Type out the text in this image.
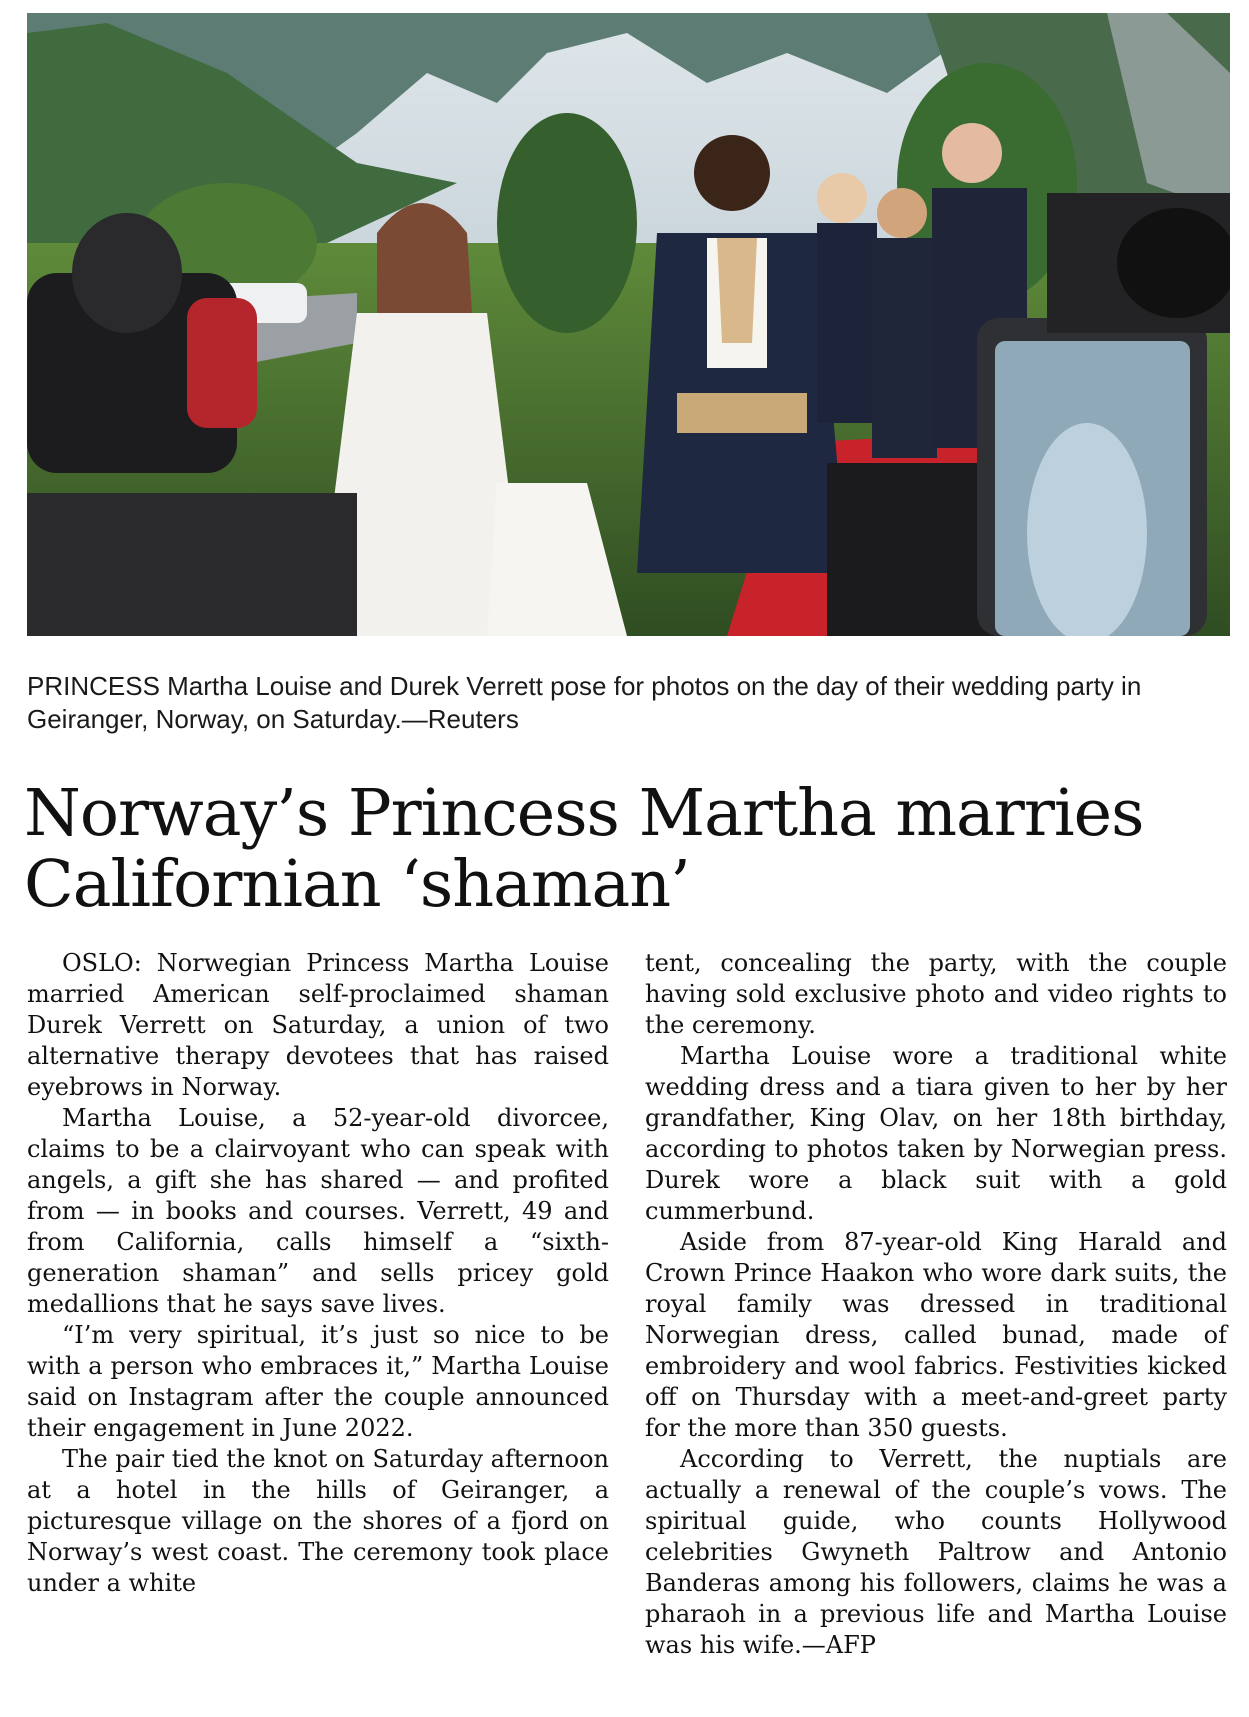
PRINCESS Martha Louise and Durek Verrett pose for photos on the day of their wedding party in Geiranger, Norway, on Saturday.—Reuters

Norway’s Princess Martha marries Californian ‘shaman’

OSLO: Norwegian Princess Martha Louise married American self-proclaimed shaman Durek Verrett on Saturday, a union of two alternative therapy devotees that has raised eyebrows in Norway.

Martha Louise, a 52-year-old divorcee, claims to be a clairvoyant who can speak with angels, a gift she has shared — and profited from — in books and courses. Verrett, 49 and from California, calls himself a “sixth-generation shaman” and sells pricey gold medallions that he says save lives.

“I’m very spiritual, it’s just so nice to be with a person who embraces it,” Martha Louise said on Instagram after the couple announced their engagement in June 2022.

The pair tied the knot on Saturday afternoon at a hotel in the hills of Geiranger, a picturesque village on the shores of a fjord on Norway’s west coast. The ceremony took place under a white

tent, concealing the party, with the couple having sold exclusive photo and video rights to the ceremony.

Martha Louise wore a traditional white wedding dress and a tiara given to her by her grandfather, King Olav, on her 18th birthday, according to photos taken by Norwegian press. Durek wore a black suit with a gold cummerbund.

Aside from 87-year-old King Harald and Crown Prince Haakon who wore dark suits, the royal family was dressed in traditional Norwegian dress, called bunad, made of embroidery and wool fabrics. Festivities kicked off on Thursday with a meet-and-greet party for the more than 350 guests.

According to Verrett, the nuptials are actually a renewal of the couple’s vows. The spiritual guide, who counts Hollywood celebrities Gwyneth Paltrow and Antonio Banderas among his followers, claims he was a pharaoh in a previous life and Martha Louise was his wife.—AFP
